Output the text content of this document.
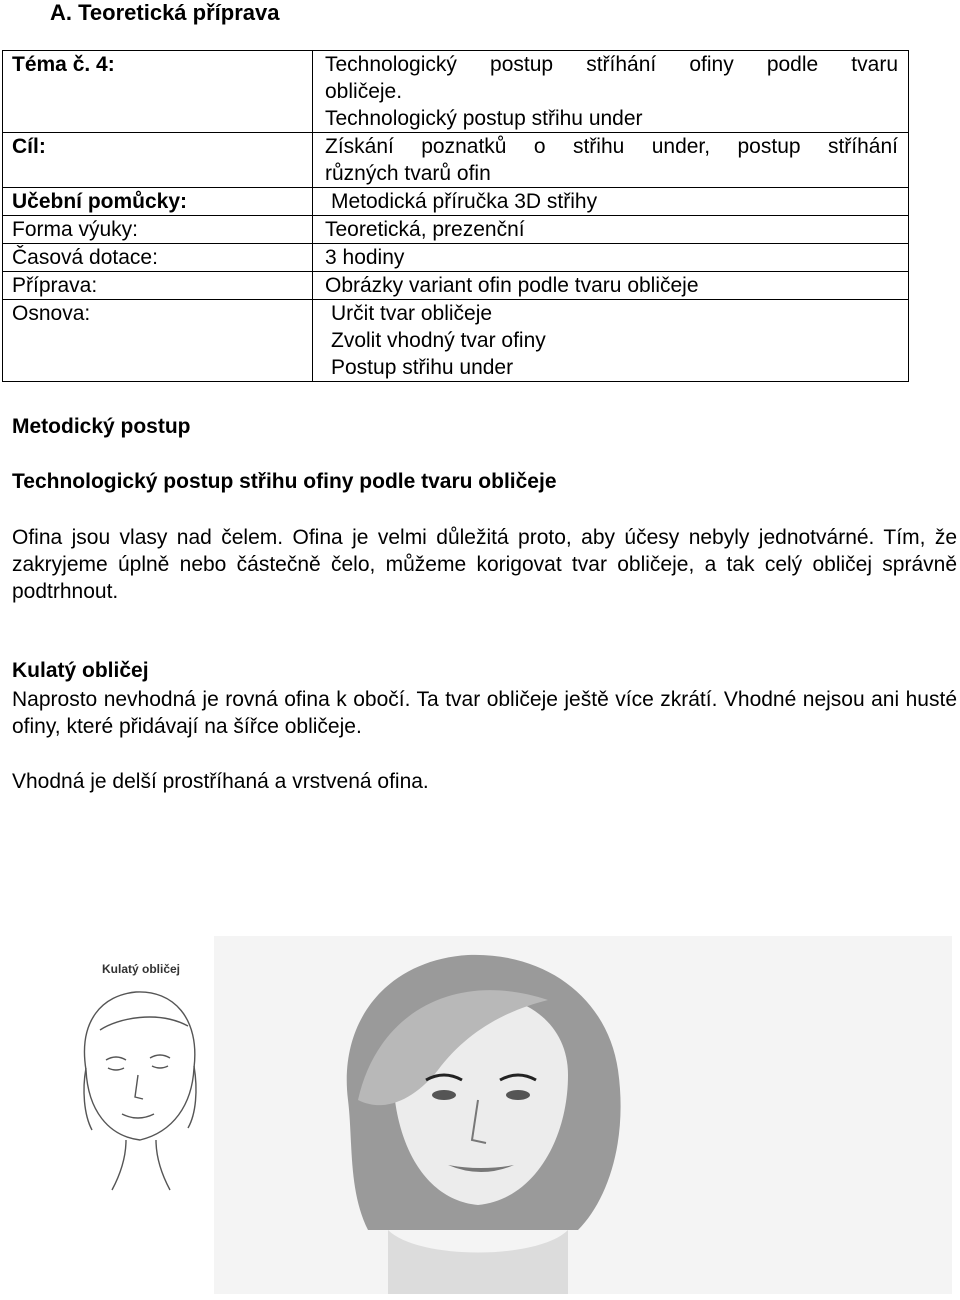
A. Teoretická příprava
Téma č. 4:	Technologický postup stříhání ofiny podle tvaru
obličeje.
Technologický postup střihu under

Cíl:	Získání poznatků o střihu under, postup stříhání
různých tvarů ofin

Učební pomůcky:	Metodická příručka 3D střihy
Forma výuky:	Teoretická, prezenční
Časová dotace:	3 hodiny
Příprava:	Obrázky variant ofin podle tvaru obličeje
Osnova:	Určit tvar obličeje
Zvolit vhodný tvar ofiny
Postup střihu under
Metodický postup
Technologický postup střihu ofiny podle tvaru obličeje
Ofina jsou vlasy nad čelem. Ofina je velmi důležitá proto, aby účesy nebyly jednotvárné. Tím, že zakryjeme úplně nebo částečně čelo, můžeme korigovat tvar obličeje, a tak celý obličej správně podtrhnout.
Kulatý obličej
Naprosto nevhodná je rovná ofina k obočí. Ta tvar obličeje ještě více zkrátí. Vhodné nejsou ani husté ofiny, které přidávají na šířce obličeje.
Vhodná je delší prostříhaná a vrstvená ofina.
Kulatý obličej
